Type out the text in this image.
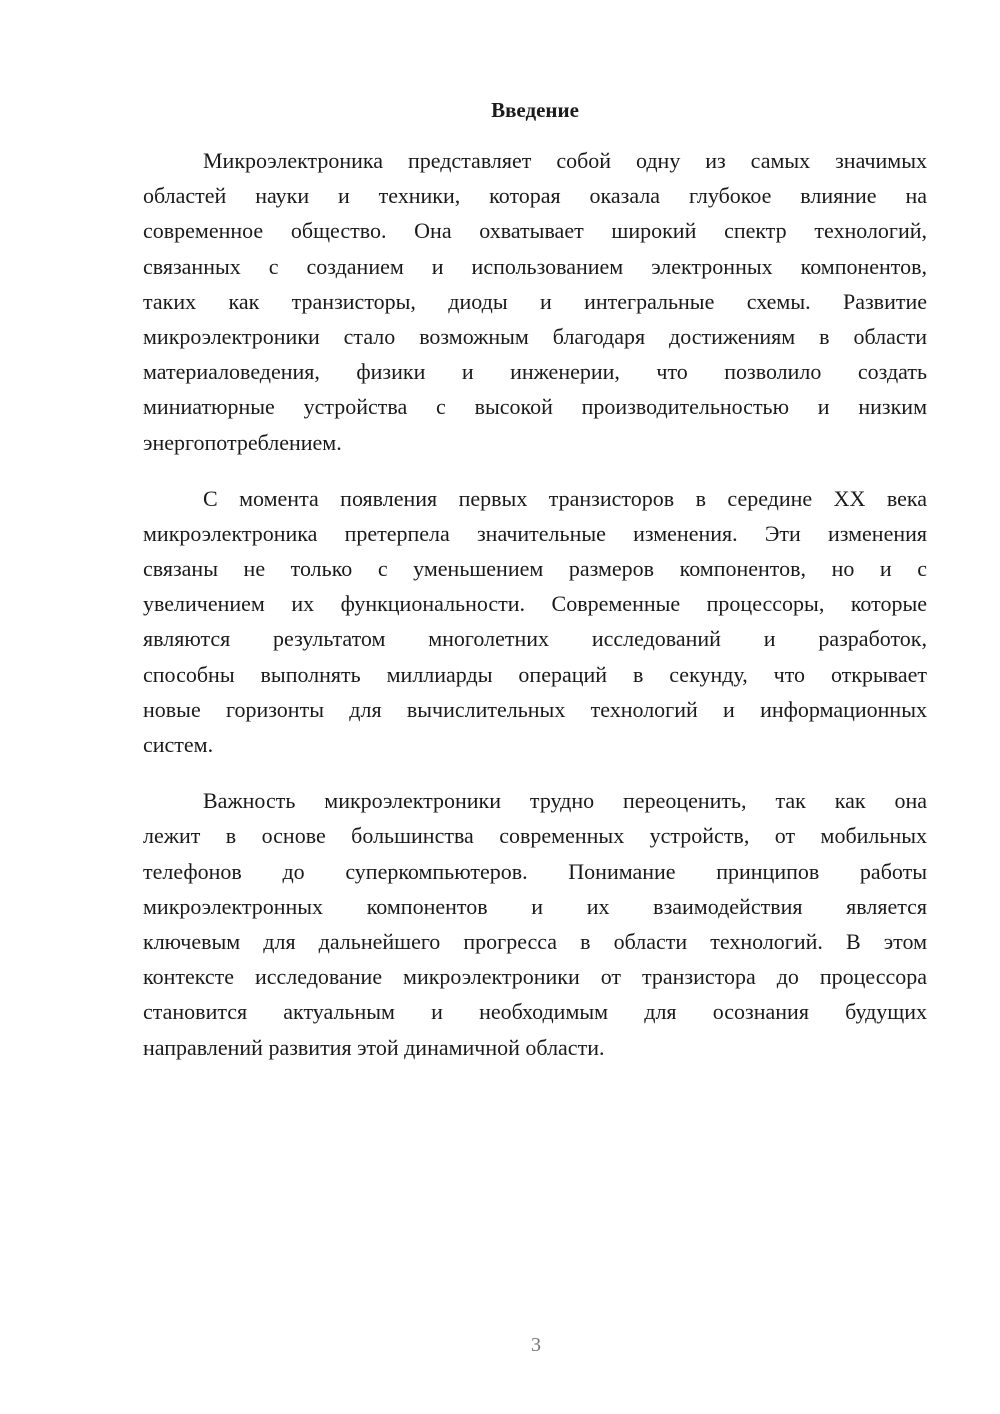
Введение
Микроэлектроника представляет собой одну из самых значимых
областей науки и техники, которая оказала глубокое влияние на
современное общество. Она охватывает широкий спектр технологий,
связанных с созданием и использованием электронных компонентов,
таких как транзисторы, диоды и интегральные схемы. Развитие
микроэлектроники стало возможным благодаря достижениям в области
материаловедения, физики и инженерии, что позволило создать
миниатюрные устройства с высокой производительностью и низким
энергопотреблением.
С момента появления первых транзисторов в середине XX века
микроэлектроника претерпела значительные изменения. Эти изменения
связаны не только с уменьшением размеров компонентов, но и с
увеличением их функциональности. Современные процессоры, которые
являются результатом многолетних исследований и разработок,
способны выполнять миллиарды операций в секунду, что открывает
новые горизонты для вычислительных технологий и информационных
систем.
Важность микроэлектроники трудно переоценить, так как она
лежит в основе большинства современных устройств, от мобильных
телефонов до суперкомпьютеров. Понимание принципов работы
микроэлектронных компонентов и их взаимодействия является
ключевым для дальнейшего прогресса в области технологий. В этом
контексте исследование микроэлектроники от транзистора до процессора
становится актуальным и необходимым для осознания будущих
направлений развития этой динамичной области.
3
